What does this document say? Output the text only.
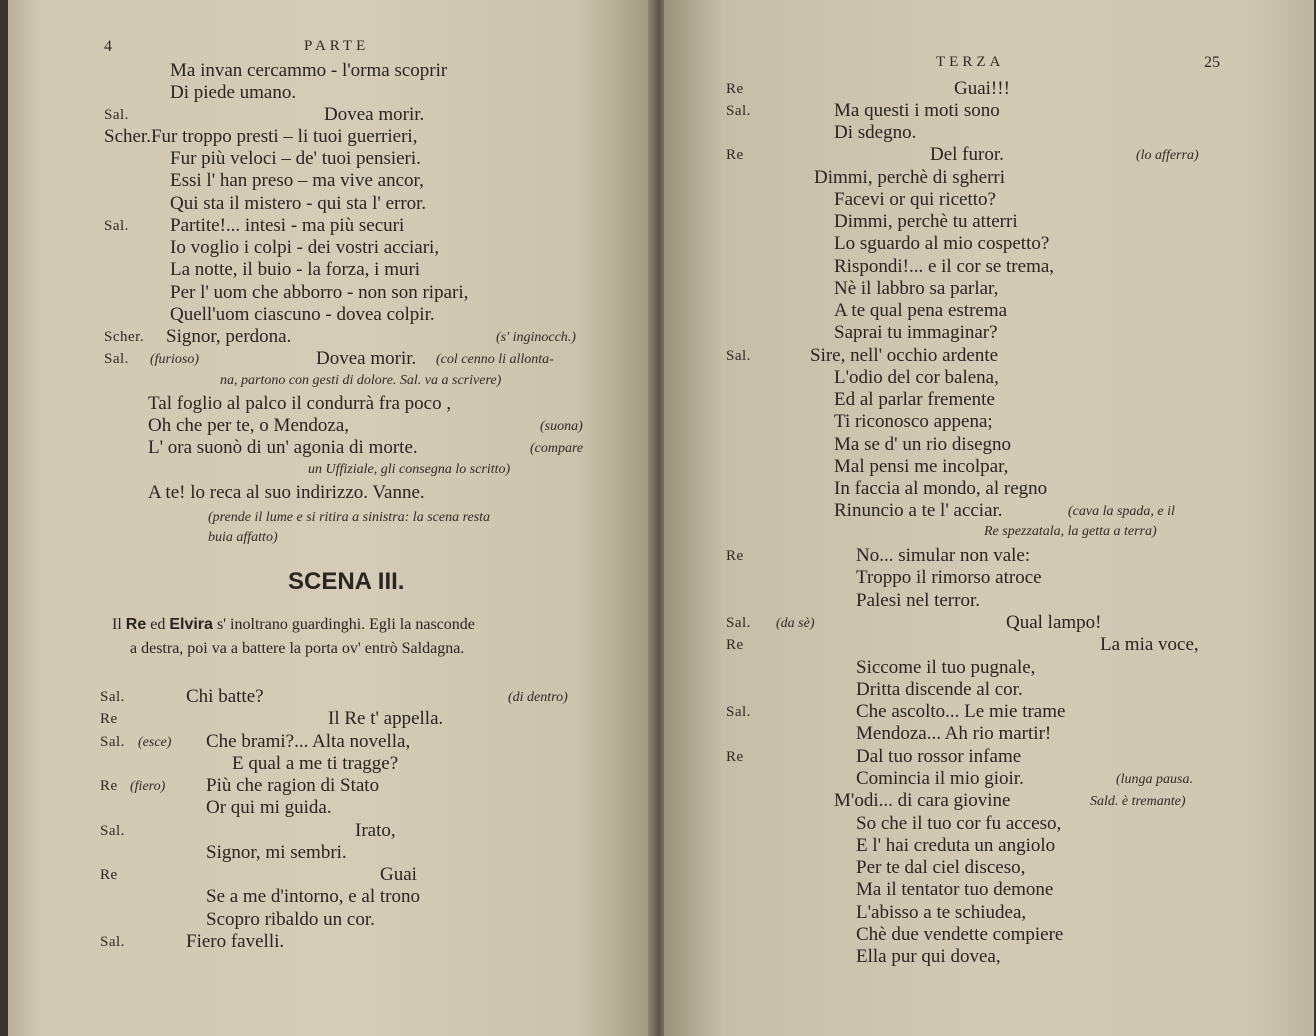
4	PARTE
Ma invan cercammo - l'orma scoprir
Di piede umano.
Sal.	Dovea morir.
Scher.Fur troppo presti – li tuoi guerrieri,
Fur più veloci – de' tuoi pensieri.
Essi l' han preso – ma vive ancor,
Qui sta il mistero - qui sta l' error.
Sal. Partite!... intesi - ma più securi
Io voglio i colpi - dei vostri acciari,
La notte, il buio - la forza, i muri
Per l' uom che abborro - non son ripari,
Quell'uom ciascuno - dovea colpir.
Scher. Signor, perdona.
Sal.	Dovea morir.
Tal foglio al palco il condurrà fra poco ,
Oh che per te, o Mendoza,
L' ora suonò di un' agonia di morte.
A te! lo reca al suo indirizzo. Vanne.
(s' inginocch.)
(furioso)	(col cenno li allonta-
na, partono con gesti di dolore. Sal. va a scrivere)
(suona)
(compare
un Uffiziale, gli consegna lo scritto)
(prende il lume e si ritira a sinistra: la scena resta
buia affatto)
SCENA III.
Il Re ed Elvira s' inoltrano guardinghi. Egli la nasconde
a destra, poi va a battere la porta ov' entrò Saldagna.
Sal.	Chi batte?
Re	Il Re t' appella.
Sal.	Che brami?... Alta novella,
E qual a me ti tragge?
Re	Più che ragion di Stato
Or qui mi guida.
Sal.	Irato,
Signor, mi sembri.
Re	Guai
Se a me d'intorno, e al trono
Scopro ribaldo un cor.
Sal.	Fiero favelli.
(di dentro)
(esce)
(fiero)
TERZA	25
Re	Guai!!!
Sal.	Ma questi i moti sono
Di sdegno.
Re	Del furor.
Dimmi, perchè di sgherri
Facevi or qui ricetto?
Dimmi, perchè tu atterri
Lo sguardo al mio cospetto?
Rispondi!... e il cor se trema,
Nè il labbro sa parlar,
A te qual pena estrema
Saprai tu immaginar?
Sal.	Sire, nell' occhio ardente
L'odio del cor balena,
Ed al parlar fremente
Ti riconosco appena;
Ma se d' un rio disegno
Mal pensi me incolpar,
In faccia al mondo, al regno
Rinuncio a te l' acciar.
Re	No... simular non vale:
Troppo il rimorso atroce
Palesi nel terror.
Sal.	Qual lampo!
Re	La mia voce,
Siccome il tuo pugnale,
Dritta discende al cor.
Sal.	Che ascolto... Le mie trame
Mendoza... Ah rio martir!
Re	Dal tuo rossor infame
Comincia il mio gioir.
M'odi... di cara giovine
So che il tuo cor fu acceso,
E l' hai creduta un angiolo
Per te dal ciel disceso,
Ma il tentator tuo demone
L'abisso a te schiudea,
Chè due vendette compiere
Ella pur qui dovea,
(lo afferra)
(cava la spada, e il
Re spezzatala, la getta a terra)
(da sè)
(lunga pausa.
Sald. è tremante)
